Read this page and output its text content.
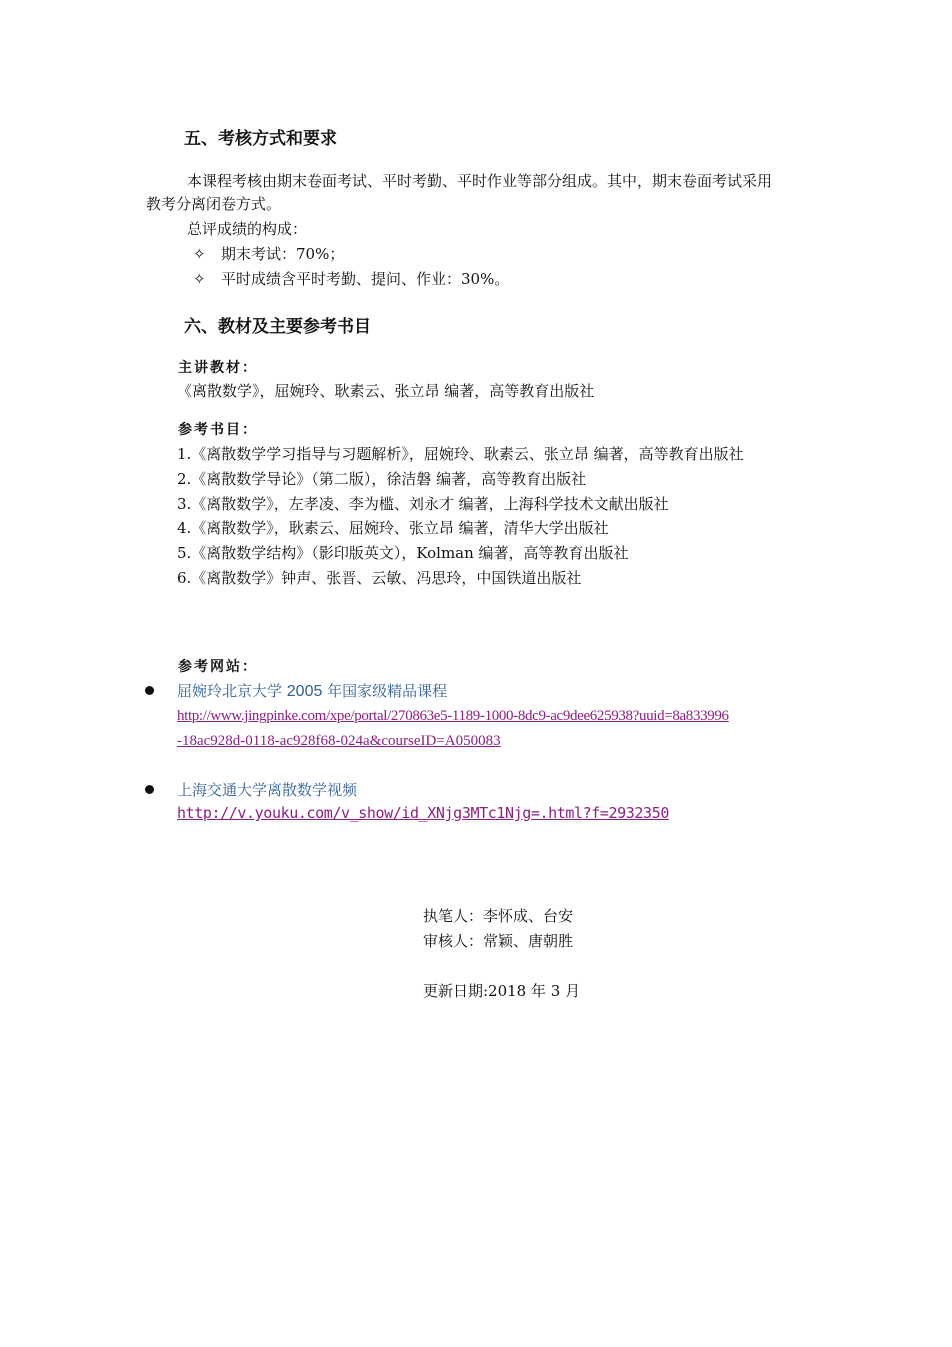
五、考核方式和要求
本课程考核由期末卷面考试、平时考勤、平时作业等部分组成。其中，期末卷面考试采用
教考分离闭卷方式。
总评成绩的构成：
✧ 期末考试：70%；
✧ 平时成绩含平时考勤、提问、作业：30%。
六、教材及主要参考书目
主讲教材：
《离散数学》，屈婉玲、耿素云、张立昂 编著，高等教育出版社
参考书目：
1.《离散数学学习指导与习题解析》，屈婉玲、耿素云、张立昂 编著，高等教育出版社
2.《离散数学导论》（第二版），徐洁磐 编著，高等教育出版社
3.《离散数学》，左孝凌、李为槛、刘永才 编著，上海科学技术文献出版社
4.《离散数学》，耿素云、屈婉玲、张立昂 编著，清华大学出版社
5.《离散数学结构》（影印版英文），Kolman 编著，高等教育出版社
6.《离散数学》钟声、张晋、云敏、冯思玲，中国铁道出版社
参考网站：
屈婉玲北京大学 2005 年国家级精品课程
http://www.jingpinke.com/xpe/portal/270863e5-1189-1000-8dc9-ac9dee625938?uuid=8a833996
-18ac928d-0118-ac928f68-024a&courseID=A050083
上海交通大学离散数学视频
http://v.youku.com/v_show/id_XNjg3MTc1Njg=.html?f=2932350
执笔人：李怀成、台安
审核人：常颖、唐朝胜
更新日期:2018 年 3 月
